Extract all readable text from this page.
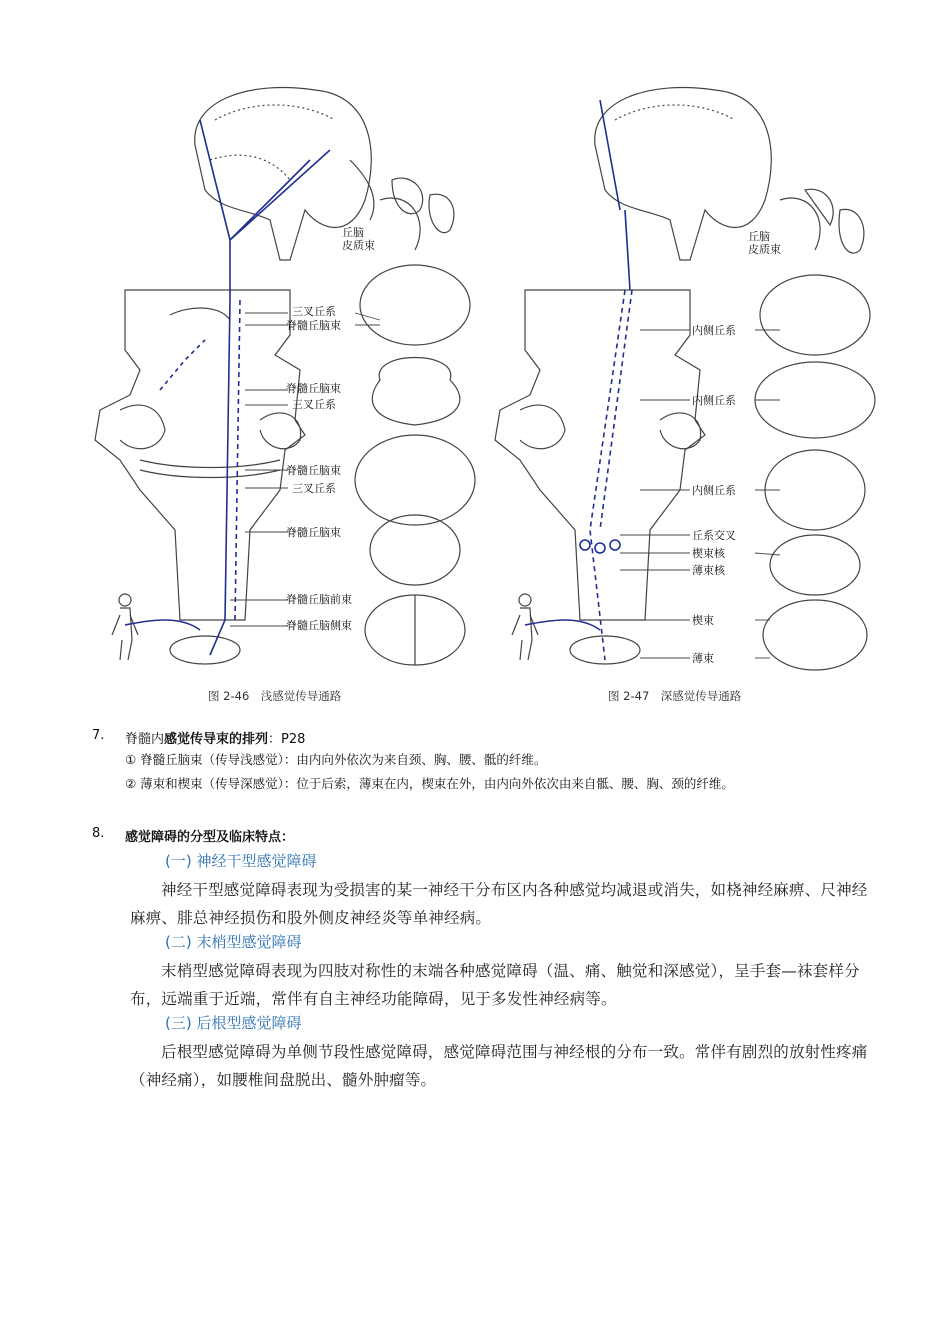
丘脑
皮质束
三叉丘系
脊髓丘脑束
脊髓丘脑束
三叉丘系
脊髓丘脑束
三叉丘系
脊髓丘脑束
脊髓丘脑前束
脊髓丘脑侧束
图 2-46　浅感觉传导通路
丘脑
皮质束
内侧丘系
内侧丘系
内侧丘系
丘系交叉
楔束核
薄束核
楔束
薄束
图 2-47　深感觉传导通路
7. 脊髓内感觉传导束的排列：P28
① 脊髓丘脑束（传导浅感觉）：由内向外依次为来自颈、胸、腰、骶的纤维。
② 薄束和楔束（传导深感觉）：位于后索，薄束在内，楔束在外，由内向外依次由来自骶、腰、胸、颈的纤维。
8. 感觉障碍的分型及临床特点：
(一) 神经干型感觉障碍
神经干型感觉障碍表现为受损害的某一神经干分布区内各种感觉均减退或消失，如桡神经麻痹、尺神经麻痹、腓总神经损伤和股外侧皮神经炎等单神经病。
(二) 末梢型感觉障碍
末梢型感觉障碍表现为四肢对称性的末端各种感觉障碍（温、痛、触觉和深感觉），呈手套—袜套样分布，远端重于近端，常伴有自主神经功能障碍，见于多发性神经病等。
(三) 后根型感觉障碍
后根型感觉障碍为单侧节段性感觉障碍，感觉障碍范围与神经根的分布一致。常伴有剧烈的放射性疼痛（神经痛），如腰椎间盘脱出、髓外肿瘤等。
